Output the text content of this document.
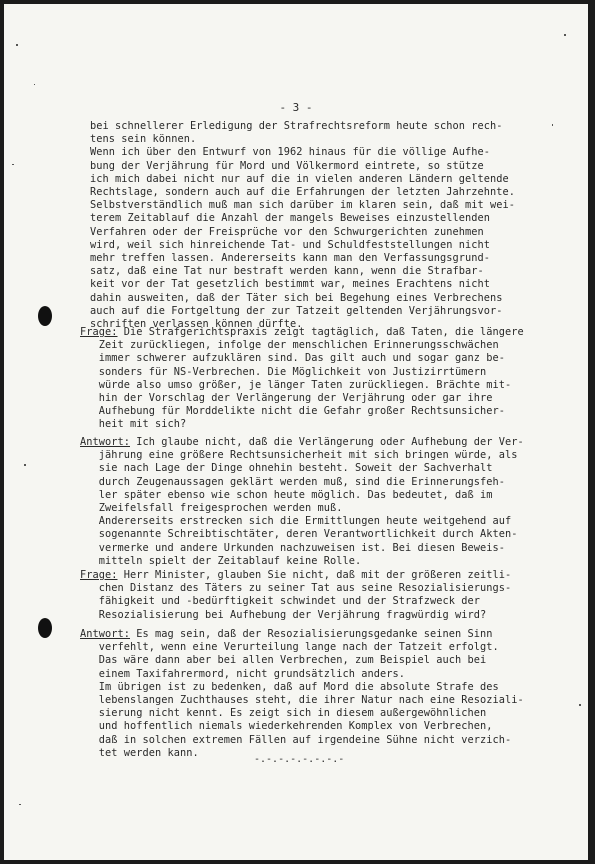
- 3 -
bei schnellerer Erledigung der Strafrechtsreform heute schon rech-
tens sein können.
Wenn ich über den Entwurf von 1962 hinaus für die völlige Aufhe-
bung der Verjährung für Mord und Völkermord eintrete, so stütze
ich mich dabei nicht nur auf die in vielen anderen Ländern geltende
Rechtslage, sondern auch auf die Erfahrungen der letzten Jahrzehnte.
Selbstverständlich muß man sich darüber im klaren sein, daß mit wei-
terem Zeitablauf die Anzahl der mangels Beweises einzustellenden
Verfahren oder der Freisprüche vor den Schwurgerichten zunehmen
wird, weil sich hinreichende Tat- und Schuldfeststellungen nicht
mehr treffen lassen. Andererseits kann man den Verfassungsgrund-
satz, daß eine Tat nur bestraft werden kann, wenn die Strafbar-
keit vor der Tat gesetzlich bestimmt war, meines Erachtens nicht
dahin ausweiten, daß der Täter sich bei Begehung eines Verbrechens
auch auf die Fortgeltung der zur Tatzeit geltenden Verjährungsvor-
schriften verlassen können dürfte.
Frage: Die Strafgerichtspraxis zeigt tagtäglich, daß Taten, die längere
Zeit zurückliegen, infolge der menschlichen Erinnerungsschwächen
immer schwerer aufzuklären sind. Das gilt auch und sogar ganz be-
sonders für NS-Verbrechen. Die Möglichkeit von Justizirrtümern
würde also umso größer, je länger Taten zurückliegen. Brächte mit-
hin der Vorschlag der Verlängerung der Verjährung oder gar ihre
Aufhebung für Morddelikte nicht die Gefahr großer Rechtsunsicher-
heit mit sich?
Antwort: Ich glaube nicht, daß die Verlängerung oder Aufhebung der Ver-
jährung eine größere Rechtsunsicherheit mit sich bringen würde, als
sie nach Lage der Dinge ohnehin besteht. Soweit der Sachverhalt
durch Zeugenaussagen geklärt werden muß, sind die Erinnerungsfeh-
ler später ebenso wie schon heute möglich. Das bedeutet, daß im
Zweifelsfall freigesprochen werden muß.
Andererseits erstrecken sich die Ermittlungen heute weitgehend auf
sogenannte Schreibtischtäter, deren Verantwortlichkeit durch Akten-
vermerke und andere Urkunden nachzuweisen ist. Bei diesen Beweis-
mitteln spielt der Zeitablauf keine Rolle.
Frage: Herr Minister, glauben Sie nicht, daß mit der größeren zeitli-
chen Distanz des Täters zu seiner Tat aus seine Resozialisierungs-
fähigkeit und -bedürftigkeit schwindet und der Strafzweck der
Resozialisierung bei Aufhebung der Verjährung fragwürdig wird?
Antwort: Es mag sein, daß der Resozialisierungsgedanke seinen Sinn
verfehlt, wenn eine Verurteilung lange nach der Tatzeit erfolgt.
Das wäre dann aber bei allen Verbrechen, zum Beispiel auch bei
einem Taxifahrermord, nicht grundsätzlich anders.
Im übrigen ist zu bedenken, daß auf Mord die absolute Strafe des
lebenslangen Zuchthauses steht, die ihrer Natur nach eine Resoziali-
sierung nicht kennt. Es zeigt sich in diesem außergewöhnlichen
und hoffentlich niemals wiederkehrenden Komplex von Verbrechen,
daß in solchen extremen Fällen auf irgendeine Sühne nicht verzich-
tet werden kann.
-.-.-.-.-.-.-.-
